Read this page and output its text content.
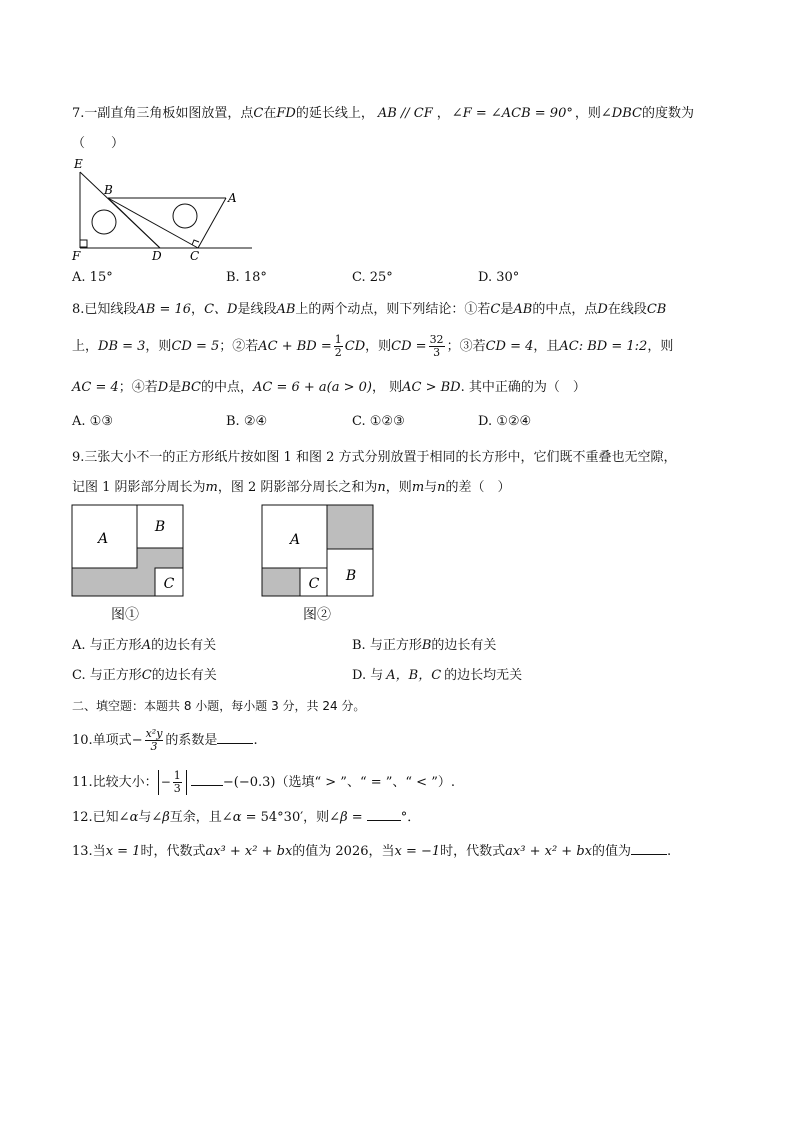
7.一副直角三角板如图放置，点C在FD的延长线上， AB // CF ， ∠F = ∠ACB = 90° ，则∠DBC的度数为
（　　）
E
B
A
F	D C
A. 15°	B. 18°	C. 25°	D. 30°
8.已知线段AB = 16，C、D是线段AB上的两个动点，则下列结论：①若C是AB的中点，点D在线段CB
上，DB = 3，则CD = 5；②若AC + BD = $\frac{1}{2}$ CD，则CD = $\frac{32}{3}$ ；③若CD = 4，且AC: BD = 1:2，则
AC = 4；④若D是BC的中点，AC = 6 + a(a > 0)， 则AC > BD. 其中正确的为（　）
A. ①③	B. ②④	C. ①②③	D. ①②④
9.三张大小不一的正方形纸片按如图 1 和图 2 方式分别放置于相同的长方形中，它们既不重叠也无空隙，
记图 1 阴影部分周长为m，图 2 阴影部分周长之和为n，则m与n的差（　）
A
B
C
图①
A
B
C
图②
A. 与正方形A的边长有关	B. 与正方形B的边长有关
C. 与正方形C的边长有关	D. 与 A，B，C 的边长均无关
二、填空题：本题共 8 小题，每小题 3 分，共 24 分。
10.单项式− $\frac{\text{x²y}}{3}$ 的系数是	.
11.比较大小： − $\frac{1}{3}$	−(−0.3)（选填“ > ”、“ = ”、“ < ”）.
12.已知∠α与∠β互余，且∠α = 54°30′，则∠β =	°．
13.当x = 1时，代数式ax³ + x² + bx的值为 2026，当x = −1时，代数式ax³ + x² + bx的值为	.
